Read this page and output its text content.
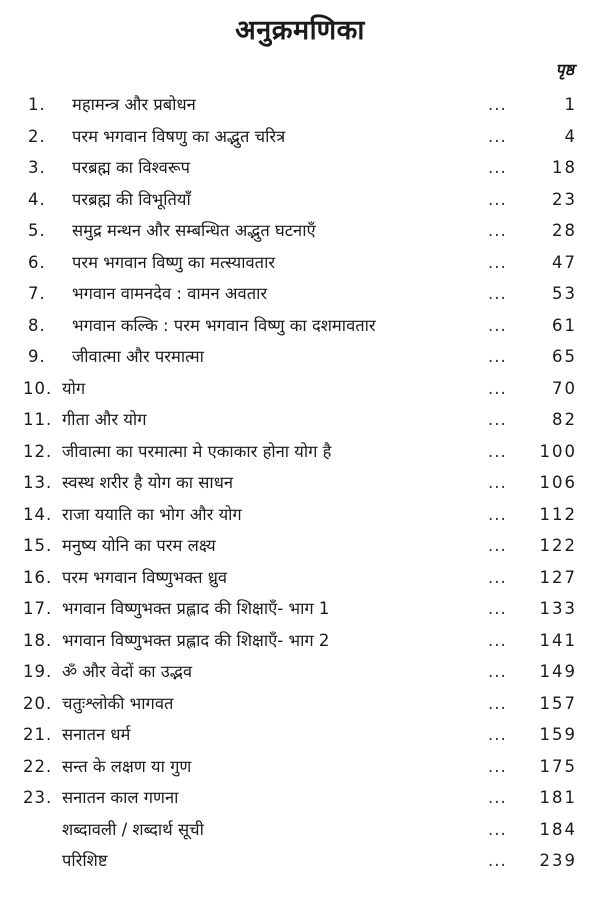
अनुक्रमणिका
पृष्ठ
1. महामन्त्र और प्रबोधन	...	1
2. परम भगवान विषणु का अद्भुत चरित्र	...	4
3. परब्रह्म का विश्वरूप	...	18
4. परब्रह्म की विभूतियाँ	...	23
5. समुद्र मन्थन और सम्बन्धित अद्भुत घटनाएँ	...	28
6. परम भगवान विष्णु का मत्स्यावतार	...	47
7. भगवान वामनदेव : वामन अवतार	...	53
8. भगवान कल्कि : परम भगवान विष्णु का दशमावतार	...	61
9. जीवात्मा और परमात्मा	...	65
10. योग	...	70
11. गीता और योग	...	82
12. जीवात्मा का परमात्मा मे एकाकार होना योग है	... 100
13. स्वस्थ शरीर है योग का साधन	... 106
14. राजा ययाति का भोग और योग	... 112
15. मनुष्य योनि का परम लक्ष्य	... 122
16. परम भगवान विष्णुभक्त ध्रुव	... 127
17. भगवान विष्णुभक्त प्रह्लाद की शिक्षाएँ- भाग 1	... 133
18. भगवान विष्णुभक्त प्रह्लाद की शिक्षाएँ- भाग 2	... 141
19. ॐ और वेदों का उद्भव	... 149
20. चतुःश्लोकी भागवत	... 157
21. सनातन धर्म	... 159
22. सन्त के लक्षण या गुण	... 175
23. सनातन काल गणना	... 181
शब्दावली / शब्दार्थ सूची	... 184
परिशिष्ट	... 239
